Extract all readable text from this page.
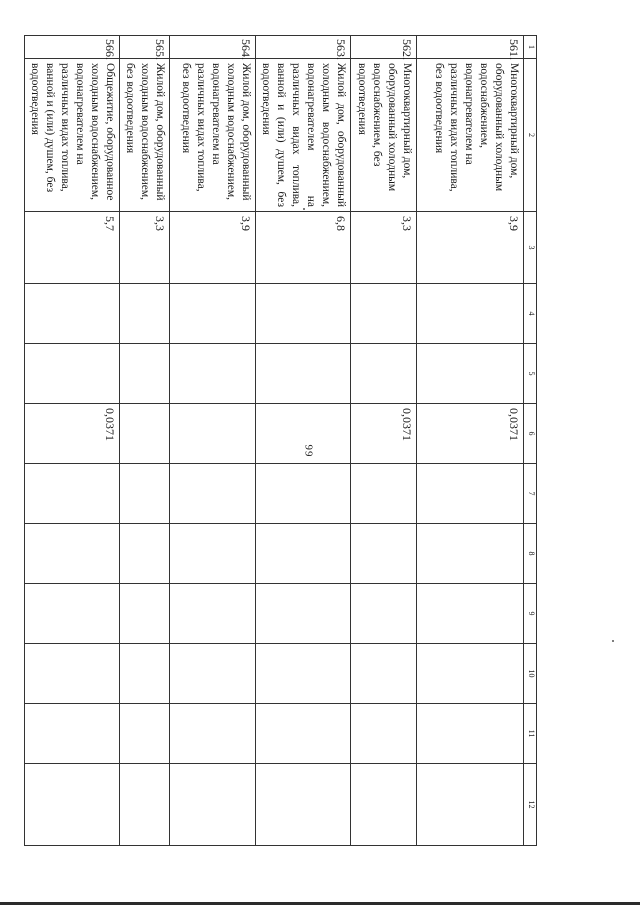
99
1	2	3	4	5	6	7	8	9	10	11	12
561.	Многоквартирный дом, оборудованный холодным водоснабжением, водонагревателем на различных видах топлива, без водоотведения	3,9			0,0371						
562.	Многоквартирный дом, оборудованный холодным водоснабжением, без водоотведения	3,3			0,0371						
563.	Жилой дом, оборудованный холодным водоснабжением, водонагревателем на различных видах топлива, ванной и (или) душем, без водоотведения	6,8									
564.	Жилой дом, оборудованный холодным водоснабжением, водонагревателем на различных видах топлива, без водоотведения	3,9									
565.	Жилой дом, оборудованный холодным водоснабжением, без водоотведения	3,3									
566.	Общежитие, оборудованное холодным водоснабжением, водонагревателем на различных видах топлива, ванной и (или) душем, без водоотведения	5,7			0,0371						
